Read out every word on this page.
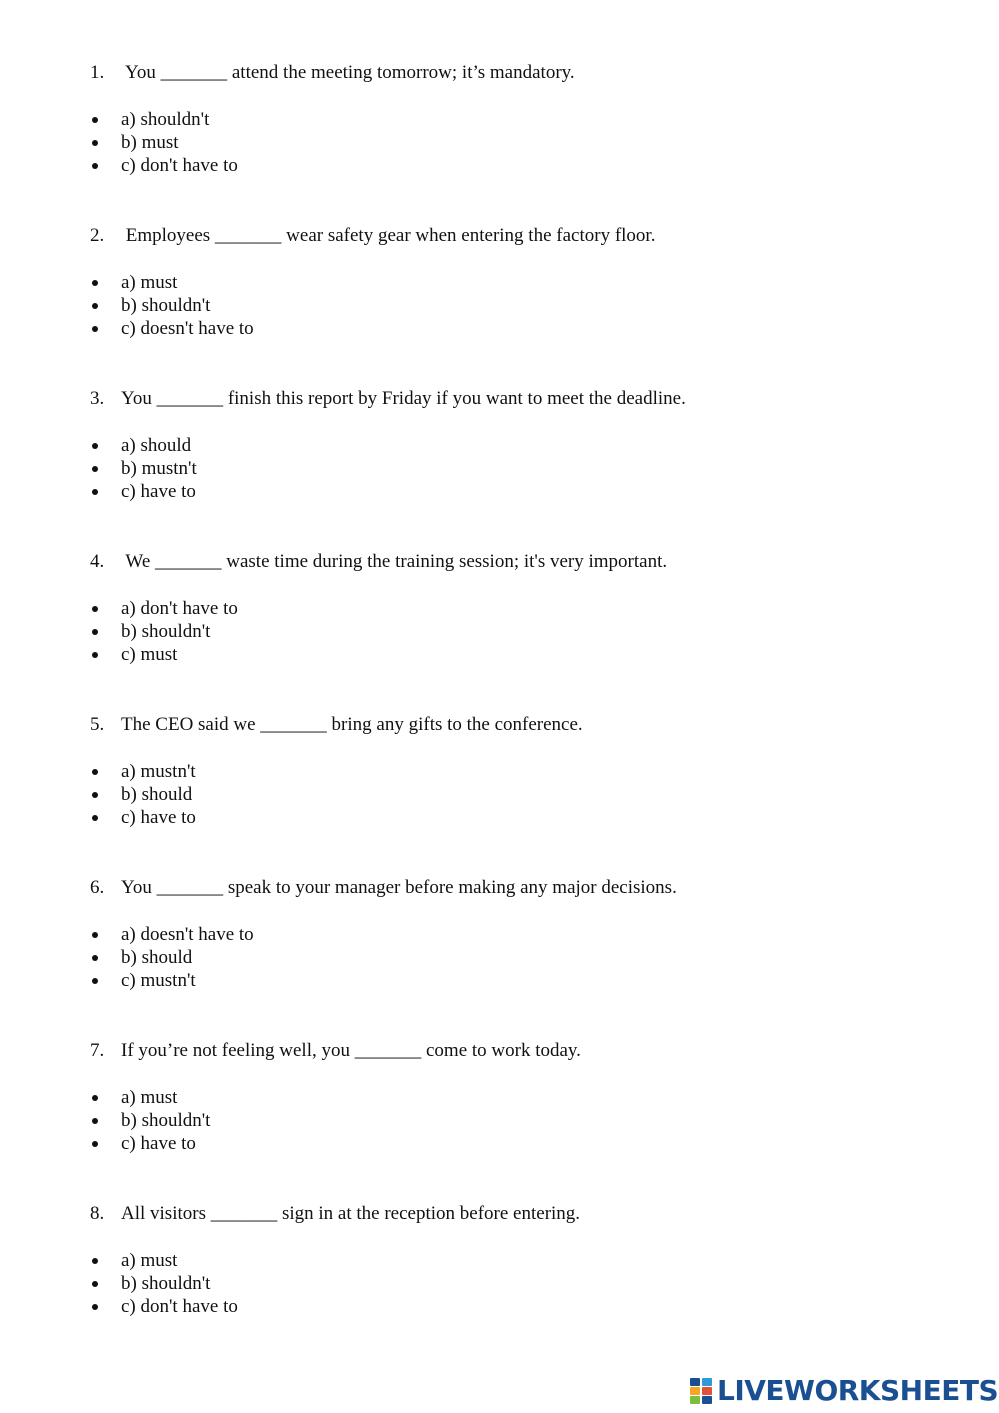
1. You _______ attend the meeting tomorrow; it’s mandatory.
a) shouldn't
b) must
c) don't have to
2. Employees _______ wear safety gear when entering the factory floor.
a) must
b) shouldn't
c) doesn't have to
3. You _______ finish this report by Friday if you want to meet the deadline.
a) should
b) mustn't
c) have to
4. We _______ waste time during the training session; it's very important.
a) don't have to
b) shouldn't
c) must
5. The CEO said we _______ bring any gifts to the conference.
a) mustn't
b) should
c) have to
6. You _______ speak to your manager before making any major decisions.
a) doesn't have to
b) should
c) mustn't
7. If you’re not feeling well, you _______ come to work today.
a) must
b) shouldn't
c) have to
8. All visitors _______ sign in at the reception before entering.
a) must
b) shouldn't
c) don't have to
LIVEWORKSHEETS
